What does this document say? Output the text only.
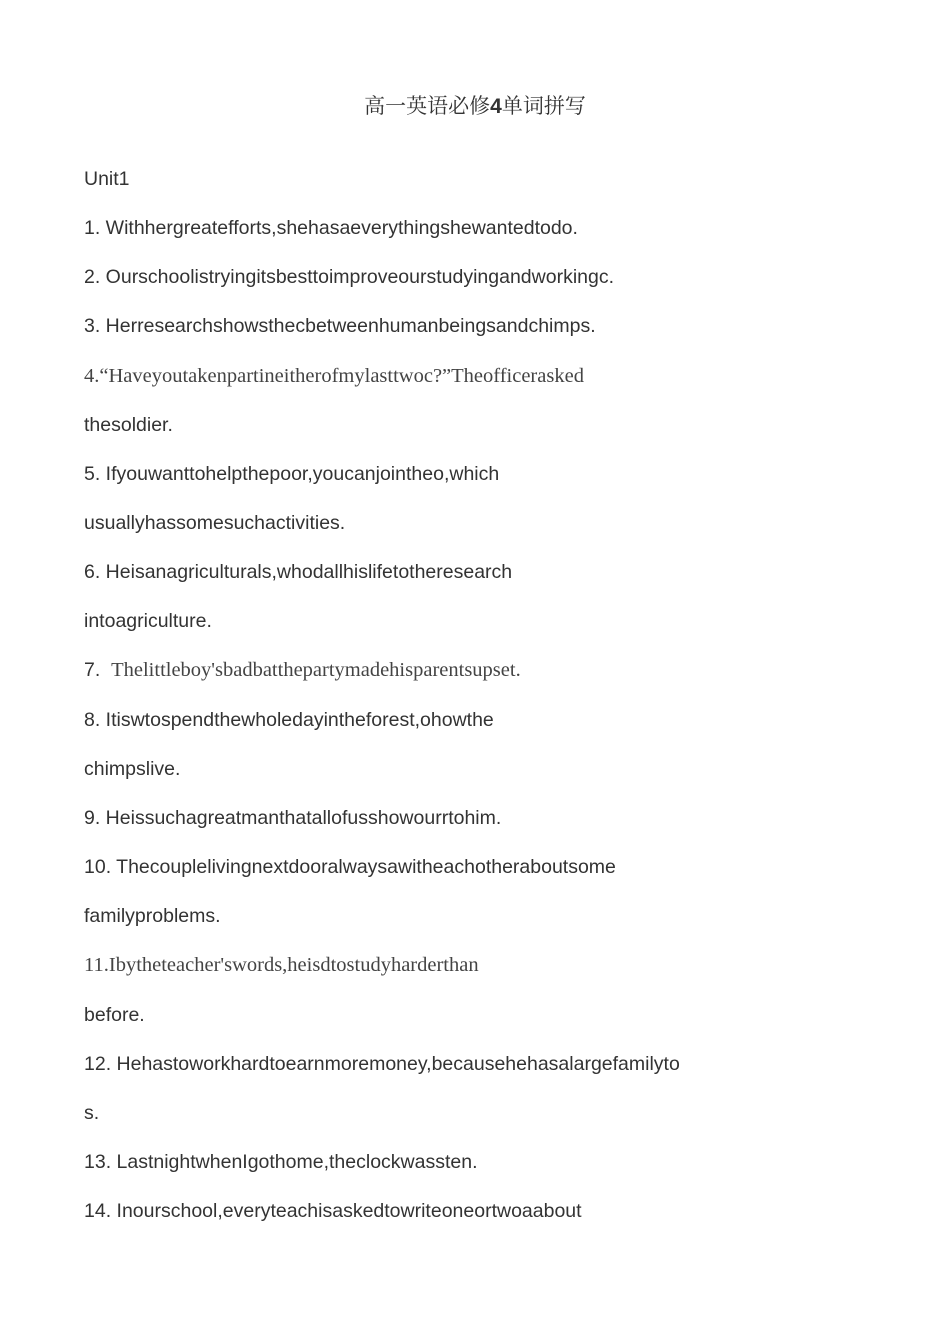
高一英语必修4单词拼写
Unit1
1. Withhergreatefforts,shehasaeverythingshewantedtodo.
2. Ourschoolistryingitsbesttoimproveourstudyingandworkingc.
3. Herresearchshowsthecbetweenhumanbeingsandchimps.
4.“Haveyoutakenpartineitherofmylasttwoc?”Theofficerasked
thesoldier.
5. Ifyouwanttohelpthepoor,youcanjointheo,which
usuallyhassomesuchactivities.
6. Heisanagriculturals,whodallhislifetotheresearch
intoagriculture.
7.  Thelittleboy'sbadbatthepartymadehisparentsupset.
8. Itiswtospendthewholedayintheforest,ohowthe
chimpslive.
9. Heissuchagreatmanthatallofusshowourrtohim.
10. Thecouplelivingnextdooralwaysawitheachotheraboutsome
familyproblems.
11.Ibytheteacher'swords,heisdtostudyharderthan
before.
12. Hehastoworkhardtoearnmoremoney,becausehehasalargefamilyto
s.
13. LastnightwhenIgothome,theclockwassten.
14. Inourschool,everyteachisaskedtowriteoneortwoaabout
